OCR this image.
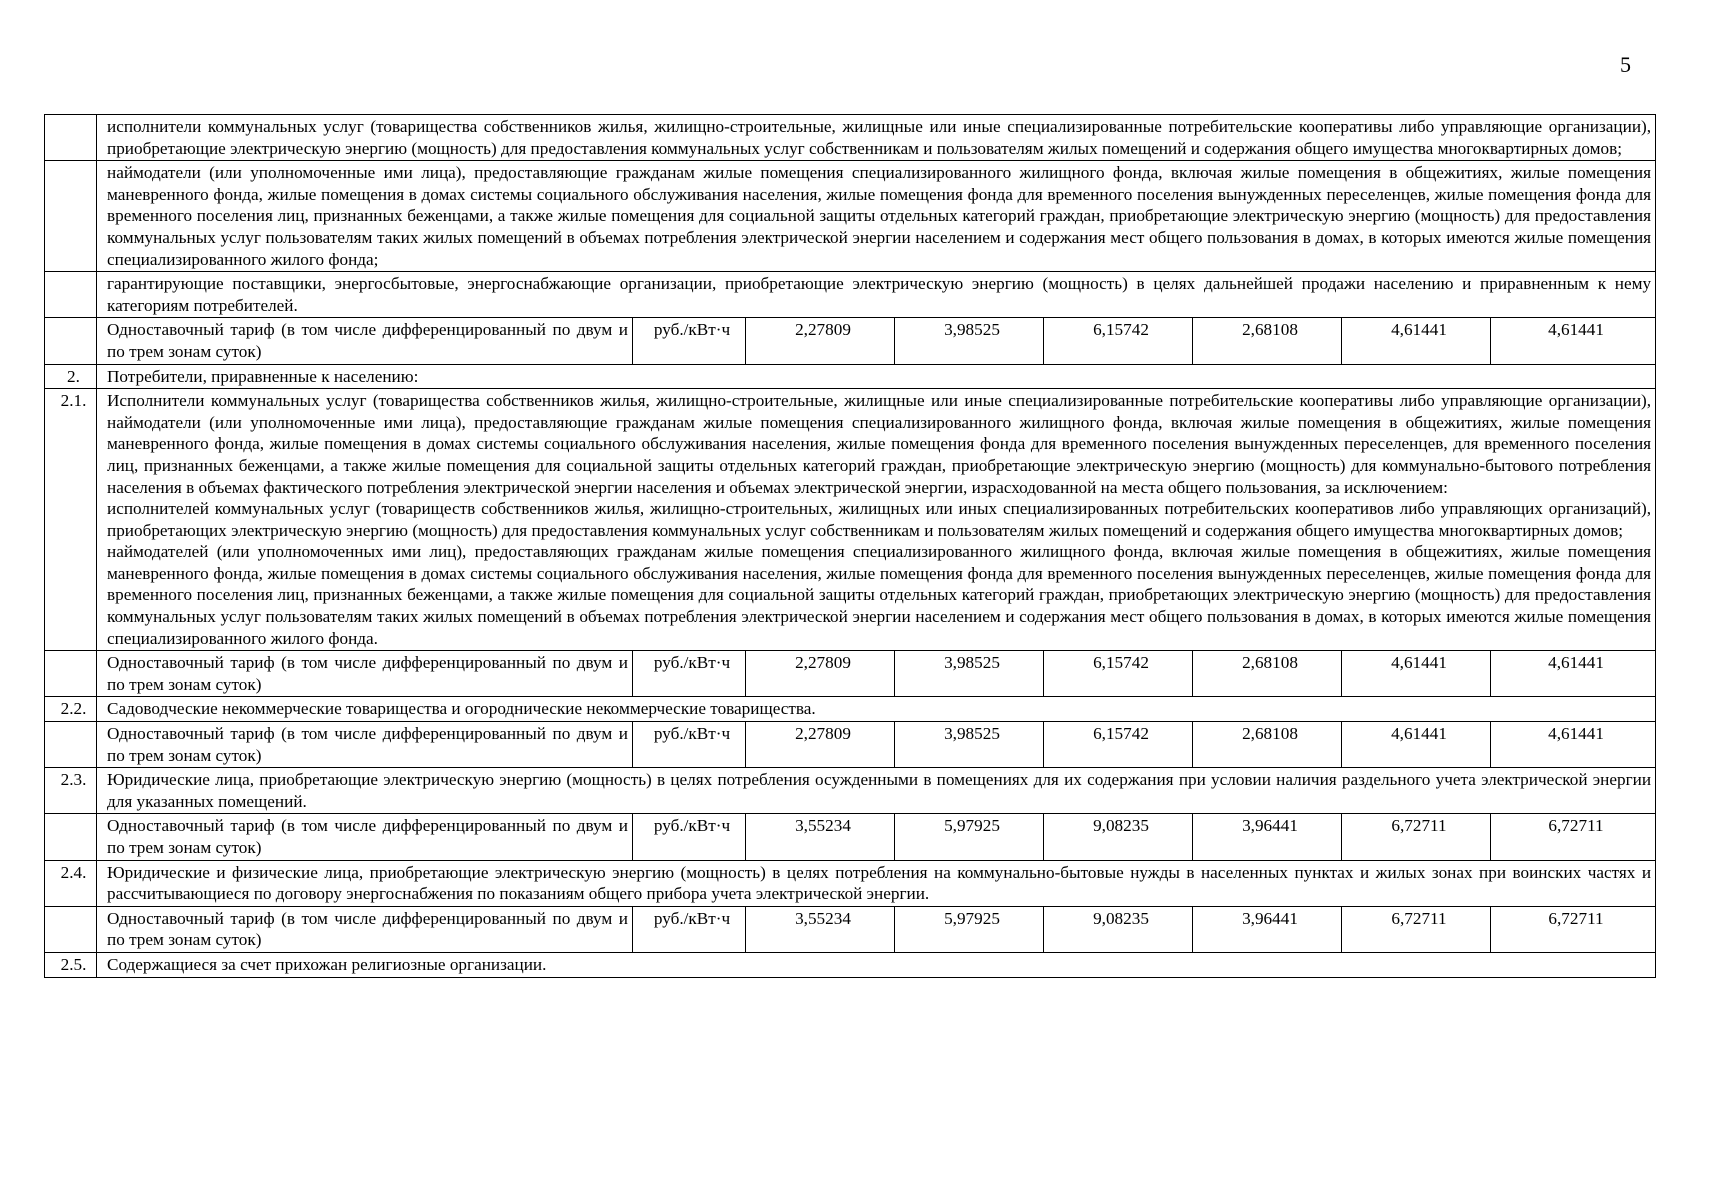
5

	исполнители коммунальных услуг (товарищества собственников жилья, жилищно-строительные, жилищные или иные специализированные потребительские кооперативы либо управляющие организации), приобретающие электрическую энергию (мощность) для предоставления коммунальных услуг собственникам и пользователям жилых помещений и содержания общего имущества многоквартирных домов;							

	наймодатели (или уполномоченные ими лица), предоставляющие гражданам жилые помещения специализированного жилищного фонда, включая жилые помещения в общежитиях, жилые помещения маневренного фонда, жилые помещения в домах системы социального обслуживания населения, жилые помещения фонда для временного поселения вынужденных переселенцев, жилые помещения фонда для временного поселения лиц, признанных беженцами, а также жилые помещения для социальной защиты отдельных категорий граждан, приобретающие электрическую энергию (мощность) для предоставления коммунальных услуг пользователям таких жилых помещений в объемах потребления электрической энергии населением и содержания мест общего пользования в домах, в которых имеются жилые помещения специализированного жилого фонда;							

	гарантирующие поставщики, энергосбытовые, энергоснабжающие организации, приобретающие электрическую энергию (мощность) в целях дальнейшей продажи населению и приравненным к нему категориям потребителей.							

	Одноставочный тариф (в том числе дифференцированный по двум и по трем зонам суток)	руб./кВт·ч	2,27809	3,98525	6,15742	2,68108	4,61441	4,61441
2.	Потребители, приравненные к населению:							

2.1.	Исполнители коммунальных услуг (товарищества собственников жилья, жилищно-строительные, жилищные или иные специализированные потребительские кооперативы либо управляющие организации), наймодатели (или уполномоченные ими лица), предоставляющие гражданам жилые помещения специализированного жилищного фонда, включая жилые помещения в общежитиях, жилые помещения маневренного фонда, жилые помещения в домах системы социального обслуживания населения, жилые помещения фонда для временного поселения вынужденных переселенцев, для временного поселения лиц, признанных беженцами, а также жилые помещения для социальной защиты отдельных категорий граждан, приобретающие электрическую энергию (мощность) для коммунально-бытового потребления населения в объемах фактического потребления электрической энергии населения и объемах электрической энергии, израсходованной на места общего пользования, за исключением:

исполнителей коммунальных услуг (товариществ собственников жилья, жилищно-строительных, жилищных или иных специализированных потребительских кооперативов либо управляющих организаций), приобретающих электрическую энергию (мощность) для предоставления коммунальных услуг собственникам и пользователям жилых помещений и содержания общего имущества многоквартирных домов;

наймодателей (или уполномоченных ими лиц), предоставляющих гражданам жилые помещения специализированного жилищного фонда, включая жилые помещения в общежитиях, жилые помещения маневренного фонда, жилые помещения в домах системы социального обслуживания населения, жилые помещения фонда для временного поселения вынужденных переселенцев, жилые помещения фонда для временного поселения лиц, признанных беженцами, а также жилые помещения для социальной защиты отдельных категорий граждан, приобретающих электрическую энергию (мощность) для предоставления коммунальных услуг пользователям таких жилых помещений в объемах потребления электрической энергии населением и содержания мест общего пользования в домах, в которых имеются жилые помещения специализированного жилого фонда.							

	Одноставочный тариф (в том числе дифференцированный по двум и по трем зонам суток)	руб./кВт·ч	2,27809	3,98525	6,15742	2,68108	4,61441	4,61441
2.2.	Садоводческие некоммерческие товарищества и огороднические некоммерческие товарищества.							

	Одноставочный тариф (в том числе дифференцированный по двум и по трем зонам суток)	руб./кВт·ч	2,27809	3,98525	6,15742	2,68108	4,61441	4,61441
2.3.	Юридические лица, приобретающие электрическую энергию (мощность) в целях потребления осужденными в помещениях для их содержания при условии наличия раздельного учета электрической энергии для указанных помещений.							

	Одноставочный тариф (в том числе дифференцированный по двум и по трем зонам суток)	руб./кВт·ч	3,55234	5,97925	9,08235	3,96441	6,72711	6,72711
2.4.	Юридические и физические лица, приобретающие электрическую энергию (мощность) в целях потребления на коммунально-бытовые нужды в населенных пунктах и жилых зонах при воинских частях и рассчитывающиеся по договору энергоснабжения по показаниям общего прибора учета электрической энергии.							

	Одноставочный тариф (в том числе дифференцированный по двум и по трем зонам суток)	руб./кВт·ч	3,55234	5,97925	9,08235	3,96441	6,72711	6,72711
2.5.	Содержащиеся за счет прихожан религиозные организации.							
